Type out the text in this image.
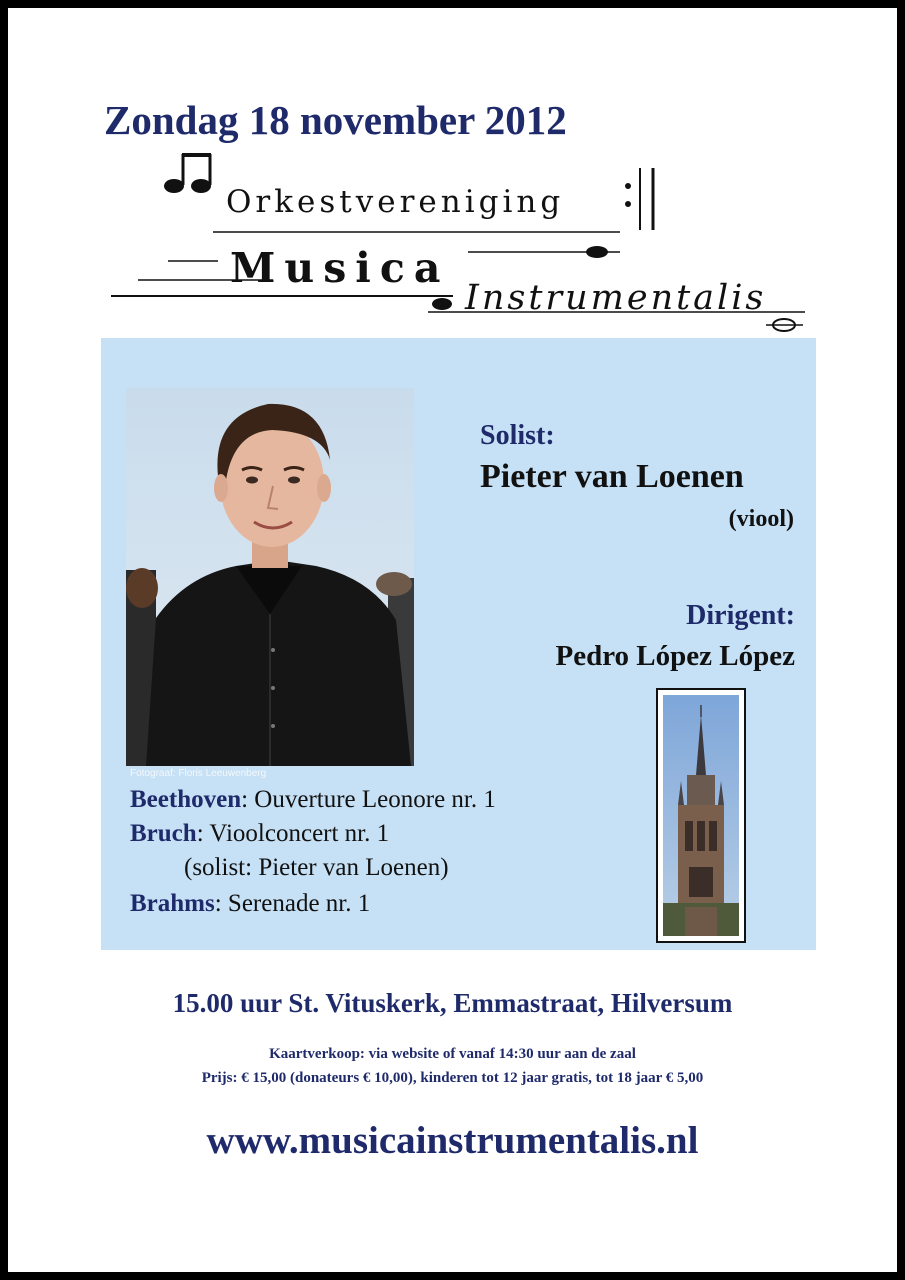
Zondag 18 november 2012
Orkestvereniging
Musica
Instrumentalis
Fotograaf: Floris Leeuwenberg
Solist:
Pieter van Loenen
(viool)
Dirigent:
Pedro López López
Beethoven: Ouverture Leonore nr. 1
Bruch: Vioolconcert nr. 1
(solist: Pieter van Loenen)
Brahms: Serenade nr. 1
15.00 uur St. Vituskerk, Emmastraat, Hilversum
Kaartverkoop: via website of vanaf 14:30 uur aan de zaal
Prijs: € 15,00 (donateurs € 10,00), kinderen tot 12 jaar gratis, tot 18 jaar € 5,00
www.musicainstrumentalis.nl
